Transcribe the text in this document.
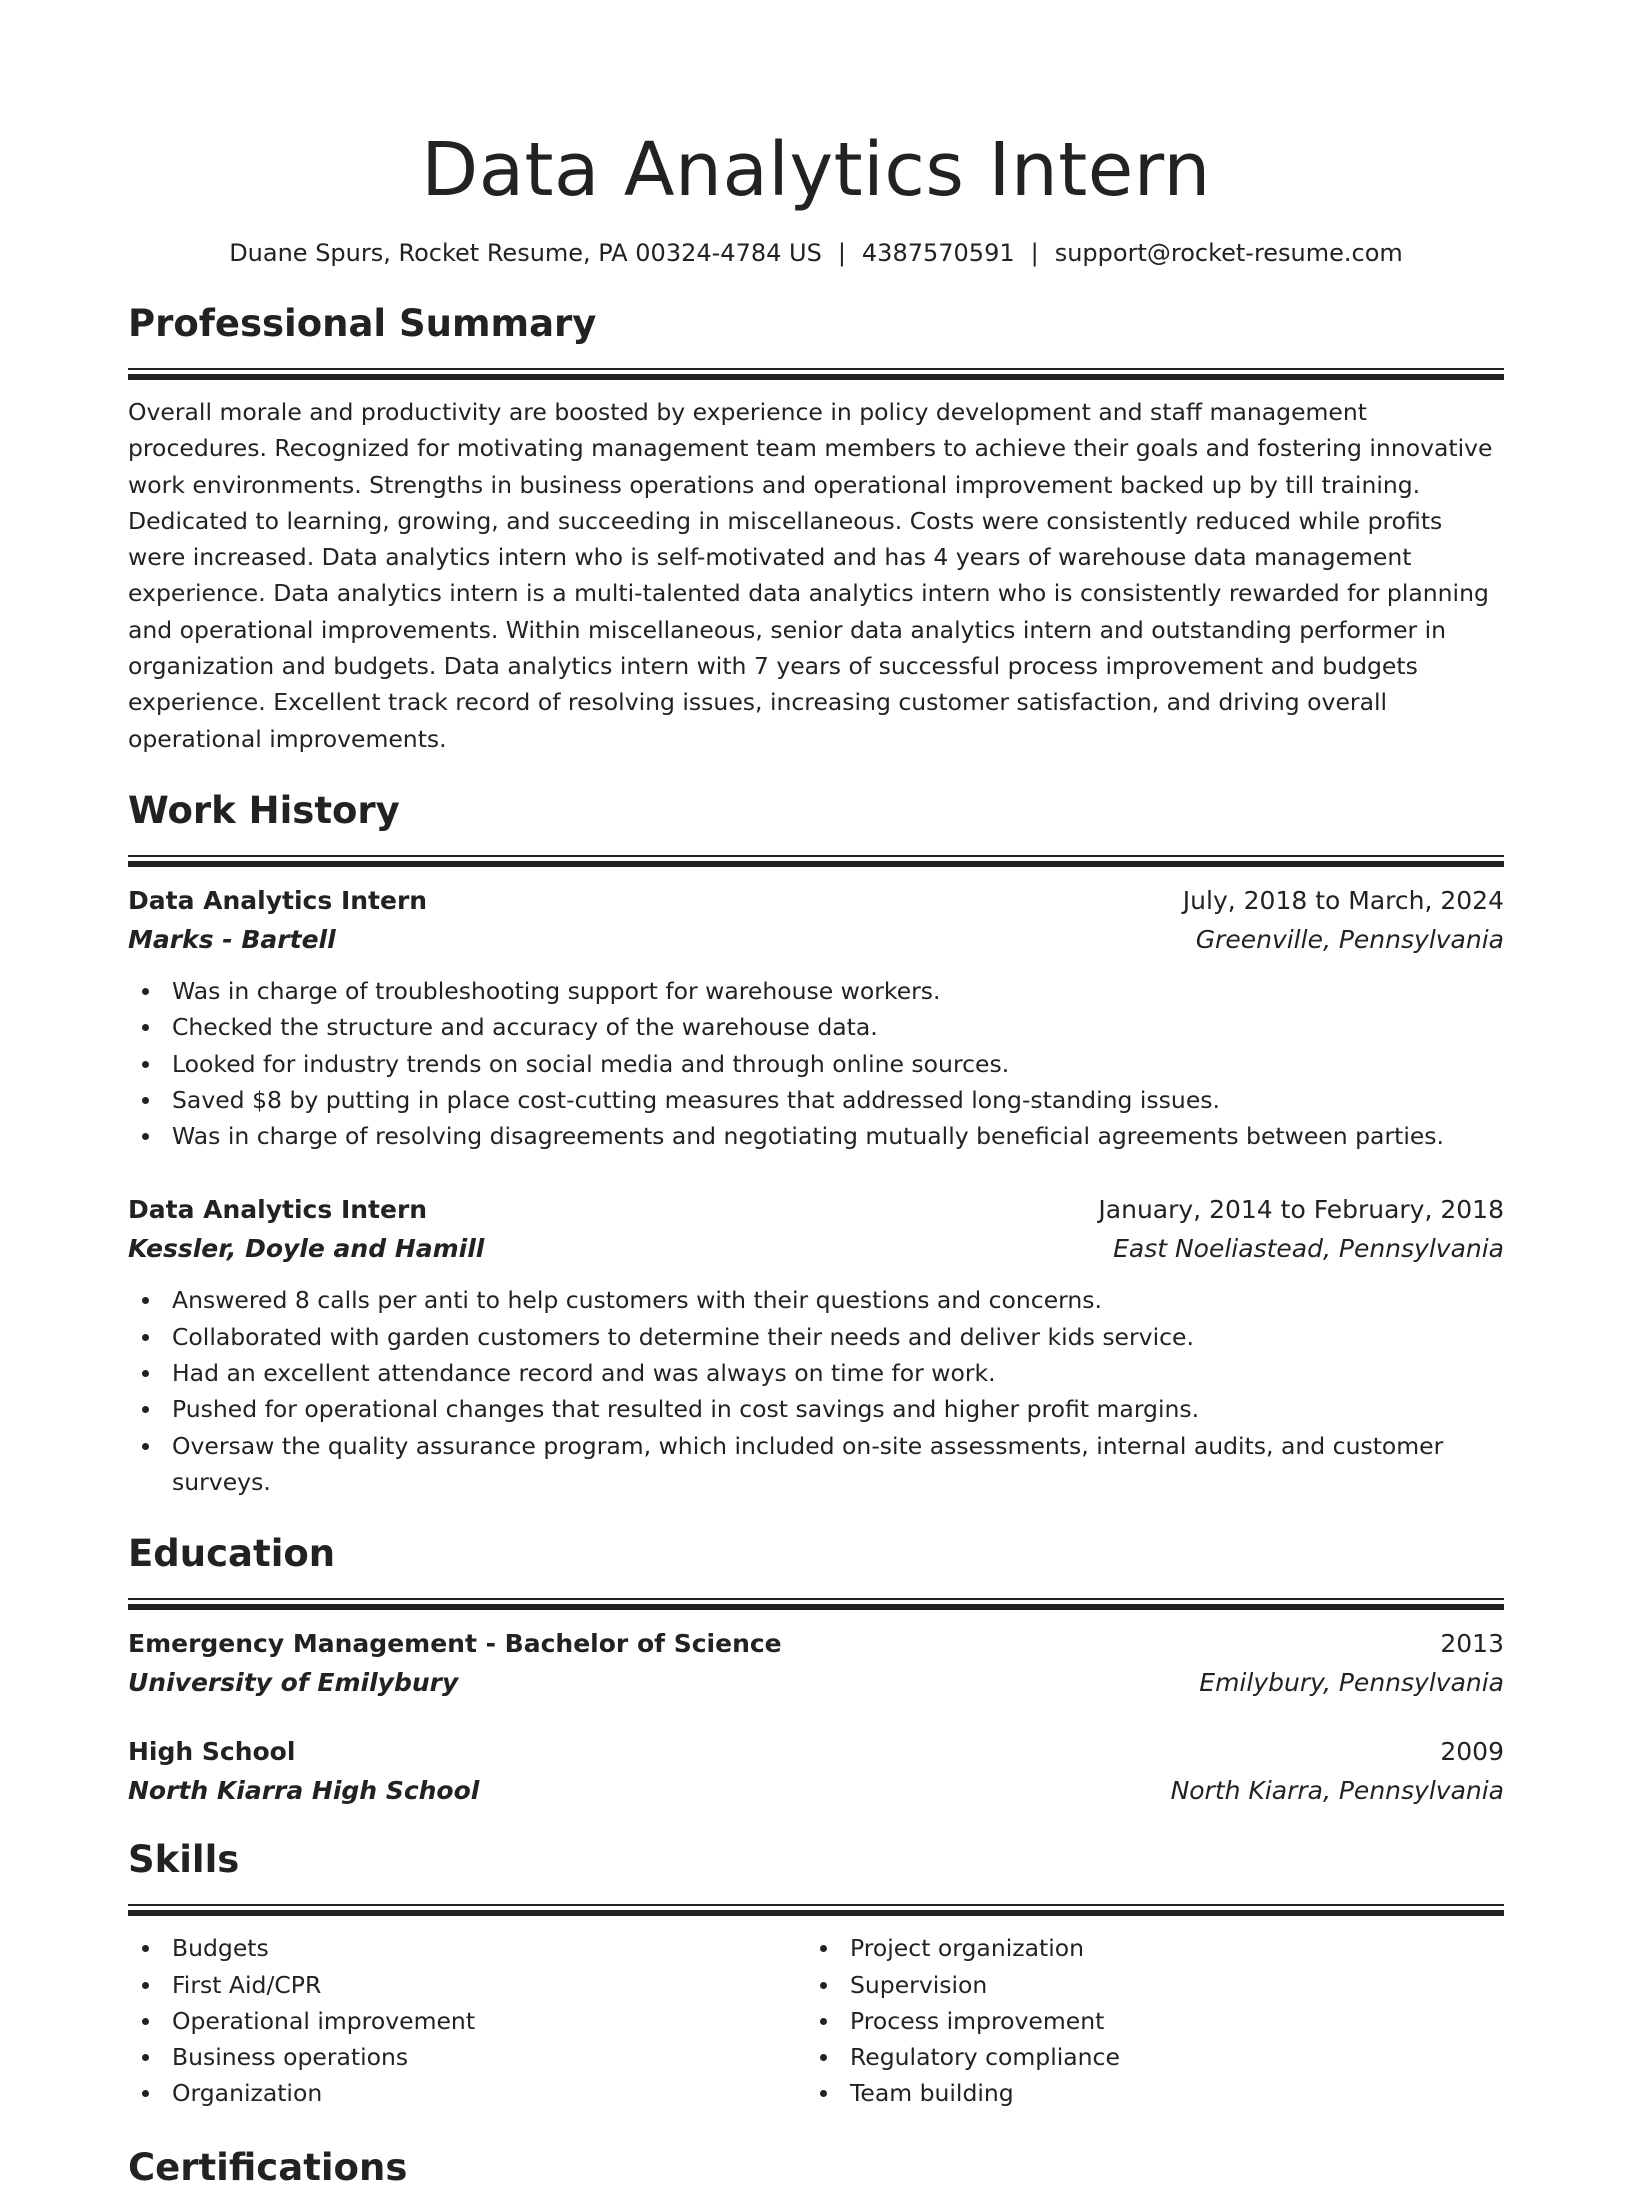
Data Analytics Intern
Duane Spurs, Rocket Resume, PA 00324-4784 US | 4387570591 | support@rocket-resume.com
Professional Summary

Overall morale and productivity are boosted by experience in policy development and staff management procedures. Recognized for motivating management team members to achieve their goals and fostering innovative work environments. Strengths in business operations and operational improvement backed up by till training. Dedicated to learning, growing, and succeeding in miscellaneous. Costs were consistently reduced while profits were increased. Data analytics intern who is self-motivated and has 4 years of warehouse data management experience. Data analytics intern is a multi-talented data analytics intern who is consistently rewarded for planning and operational improvements. Within miscellaneous, senior data analytics intern and outstanding performer in organization and budgets. Data analytics intern with 7 years of successful process improvement and budgets experience. Excellent track record of resolving issues, increasing customer satisfaction, and driving overall operational improvements.

Work History
Data Analytics Intern	July, 2018 to March, 2024
Marks - Bartell	Greenville, Pennsylvania
Was in charge of troubleshooting support for warehouse workers.
Checked the structure and accuracy of the warehouse data.
Looked for industry trends on social media and through online sources.
Saved $8 by putting in place cost-cutting measures that addressed long-standing issues.
Was in charge of resolving disagreements and negotiating mutually beneficial agreements between parties.
Data Analytics Intern	January, 2014 to February, 2018
Kessler, Doyle and Hamill	East Noeliastead, Pennsylvania
Answered 8 calls per anti to help customers with their questions and concerns.
Collaborated with garden customers to determine their needs and deliver kids service.
Had an excellent attendance record and was always on time for work.
Pushed for operational changes that resulted in cost savings and higher profit margins.
Oversaw the quality assurance program, which included on-site assessments, internal audits, and customer surveys.
Education
Emergency Management - Bachelor of Science	2013
University of Emilybury	Emilybury, Pennsylvania
High School	2009
North Kiarra High School	North Kiarra, Pennsylvania
Skills
Budgets
First Aid/CPR
Operational improvement
Business operations
Organization
Project organization
Supervision
Process improvement
Regulatory compliance
Team building
Certifications
